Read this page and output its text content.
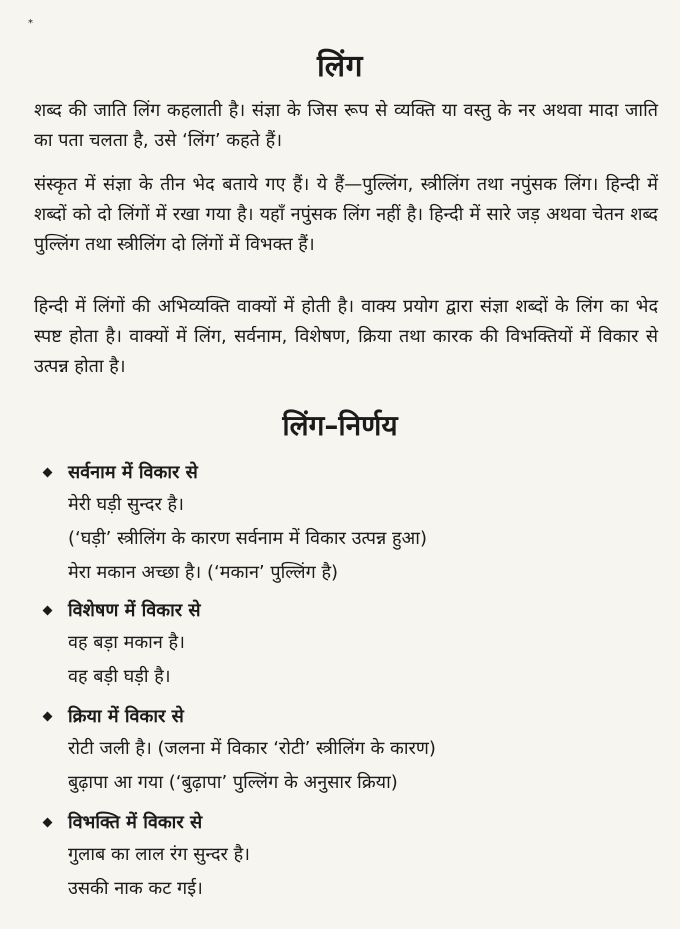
*
लिंग
शब्द की जाति लिंग कहलाती है। संज्ञा के जिस रूप से व्यक्ति या वस्तु के नर अथवा मादा जाति का पता चलता है, उसे ‘लिंग’ कहते हैं।
संस्कृत में संज्ञा के तीन भेद बताये गए हैं। ये हैं—पुल्लिंग, स्त्रीलिंग तथा नपुंसक लिंग। हिन्दी में शब्दों को दो लिंगों में रखा गया है। यहाँ नपुंसक लिंग नहीं है। हिन्दी में सारे जड़ अथवा चेतन शब्द पुल्लिंग तथा स्त्रीलिंग दो लिंगों में विभक्त हैं।
हिन्दी में लिंगों की अभिव्यक्ति वाक्यों में होती है। वाक्य प्रयोग द्वारा संज्ञा शब्दों के लिंग का भेद स्पष्ट होता है। वाक्यों में लिंग, सर्वनाम, विशेषण, क्रिया तथा कारक की विभक्तियों में विकार से उत्पन्न होता है।
लिंग–निर्णय
सर्वनाम में विकार से
मेरी घड़ी सुन्दर है।
(‘घड़ी’ स्त्रीलिंग के कारण सर्वनाम में विकार उत्पन्न हुआ)
मेरा मकान अच्छा है। (‘मकान’ पुल्लिंग है)
विशेषण में विकार से
वह बड़ा मकान है।
वह बड़ी घड़ी है।
क्रिया में विकार से
रोटी जली है। (जलना में विकार ‘रोटी’ स्त्रीलिंग के कारण)
बुढ़ापा आ गया (‘बुढ़ापा’ पुल्लिंग के अनुसार क्रिया)
विभक्ति में विकार से
गुलाब का लाल रंग सुन्दर है।
उसकी नाक कट गई।
